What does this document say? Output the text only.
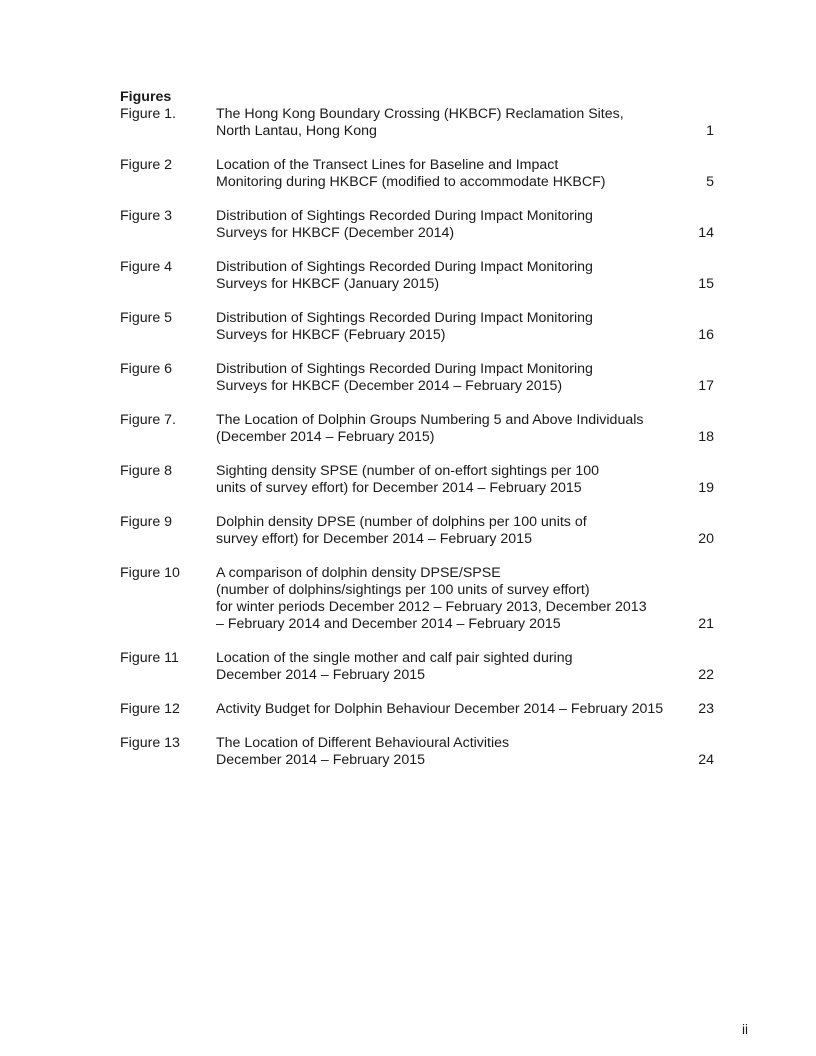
Figures
Figure 1.	The Hong Kong Boundary Crossing (HKBCF) Reclamation Sites,
North Lantau, Hong Kong	1
Figure 2	Location of the Transect Lines for Baseline and Impact
Monitoring during HKBCF (modified to accommodate HKBCF)	5
Figure 3	Distribution of Sightings Recorded During Impact Monitoring
Surveys for HKBCF (December 2014)	14
Figure 4	Distribution of Sightings Recorded During Impact Monitoring
Surveys for HKBCF (January 2015)	15
Figure 5	Distribution of Sightings Recorded During Impact Monitoring
Surveys for HKBCF (February 2015)	16
Figure 6	Distribution of Sightings Recorded During Impact Monitoring
Surveys for HKBCF (December 2014 – February 2015)	17
Figure 7.	The Location of Dolphin Groups Numbering 5 and Above Individuals
(December 2014 – February 2015)	18
Figure 8	Sighting density SPSE (number of on-effort sightings per 100
units of survey effort) for December 2014 – February 2015	19
Figure 9	Dolphin density DPSE (number of dolphins per 100 units of
survey effort) for December 2014 – February 2015	20
Figure 10	A comparison of dolphin density DPSE/SPSE
(number of dolphins/sightings per 100 units of survey effort)
for winter periods December 2012 – February 2013, December 2013
– February 2014 and December 2014 – February 2015	21
Figure 11	Location of the single mother and calf pair sighted during
December 2014 – February 2015	22
Figure 12	Activity Budget for Dolphin Behaviour December 2014 – February 2015	23
Figure 13	The Location of Different Behavioural Activities
December 2014 – February 2015	24
ii
